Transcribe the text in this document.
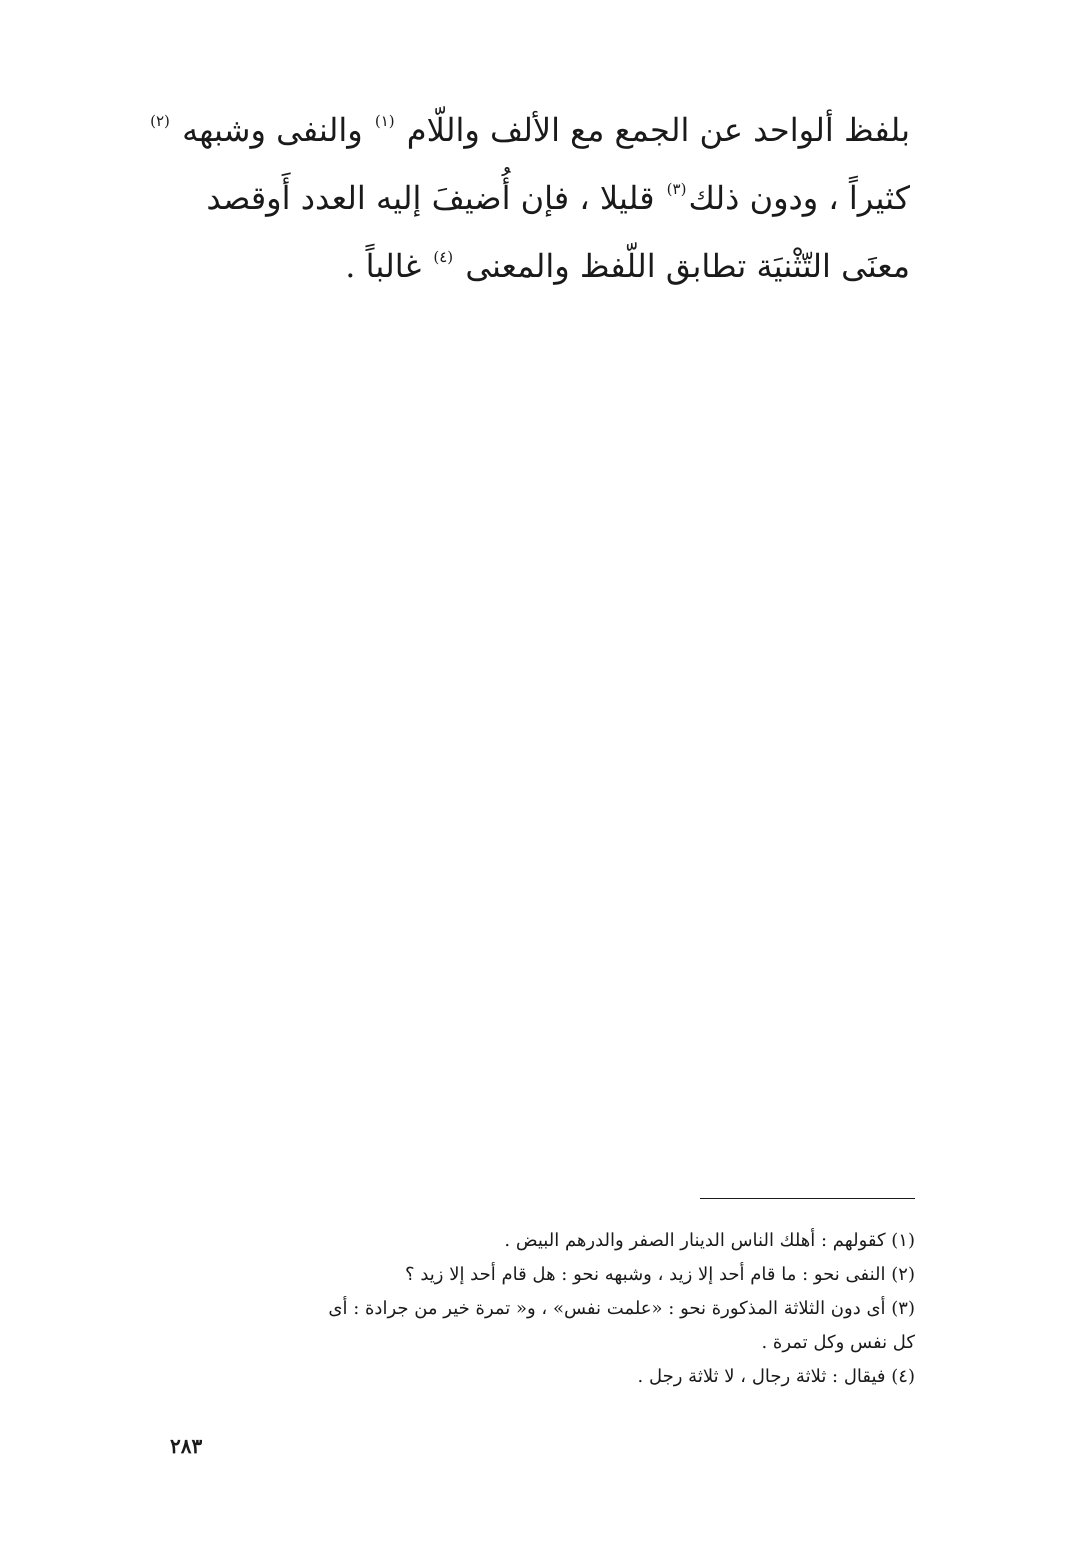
بلفظ ألواحد عن الجمع مع الألف واللّام $^{(١)}$ والنفى وشبهه $^{(٢)}$
كثيراً ، ودون ذلك$^{(٣)}$ قليلا ، فإن أُضيفَ إليه العدد أَوقصد
معنَى التّثْنيَة تطابق اللّفظ والمعنى $^{(٤)}$ غالباً .
(١) كقولهم : أهلك الناس الدينار الصفر والدرهم البيض .
(٢) النفى نحو : ما قام أحد إلا زيد ، وشبهه نحو : هل قام أحد إلا زيد ؟
(٣) أى دون الثلاثة المذكورة نحو : «علمت نفس» ، و« تمرة خير من جرادة : أى
كل نفس وكل تمرة .
(٤) فيقال : ثلاثة رجال ، لا ثلاثة رجل .
٢٨٣
